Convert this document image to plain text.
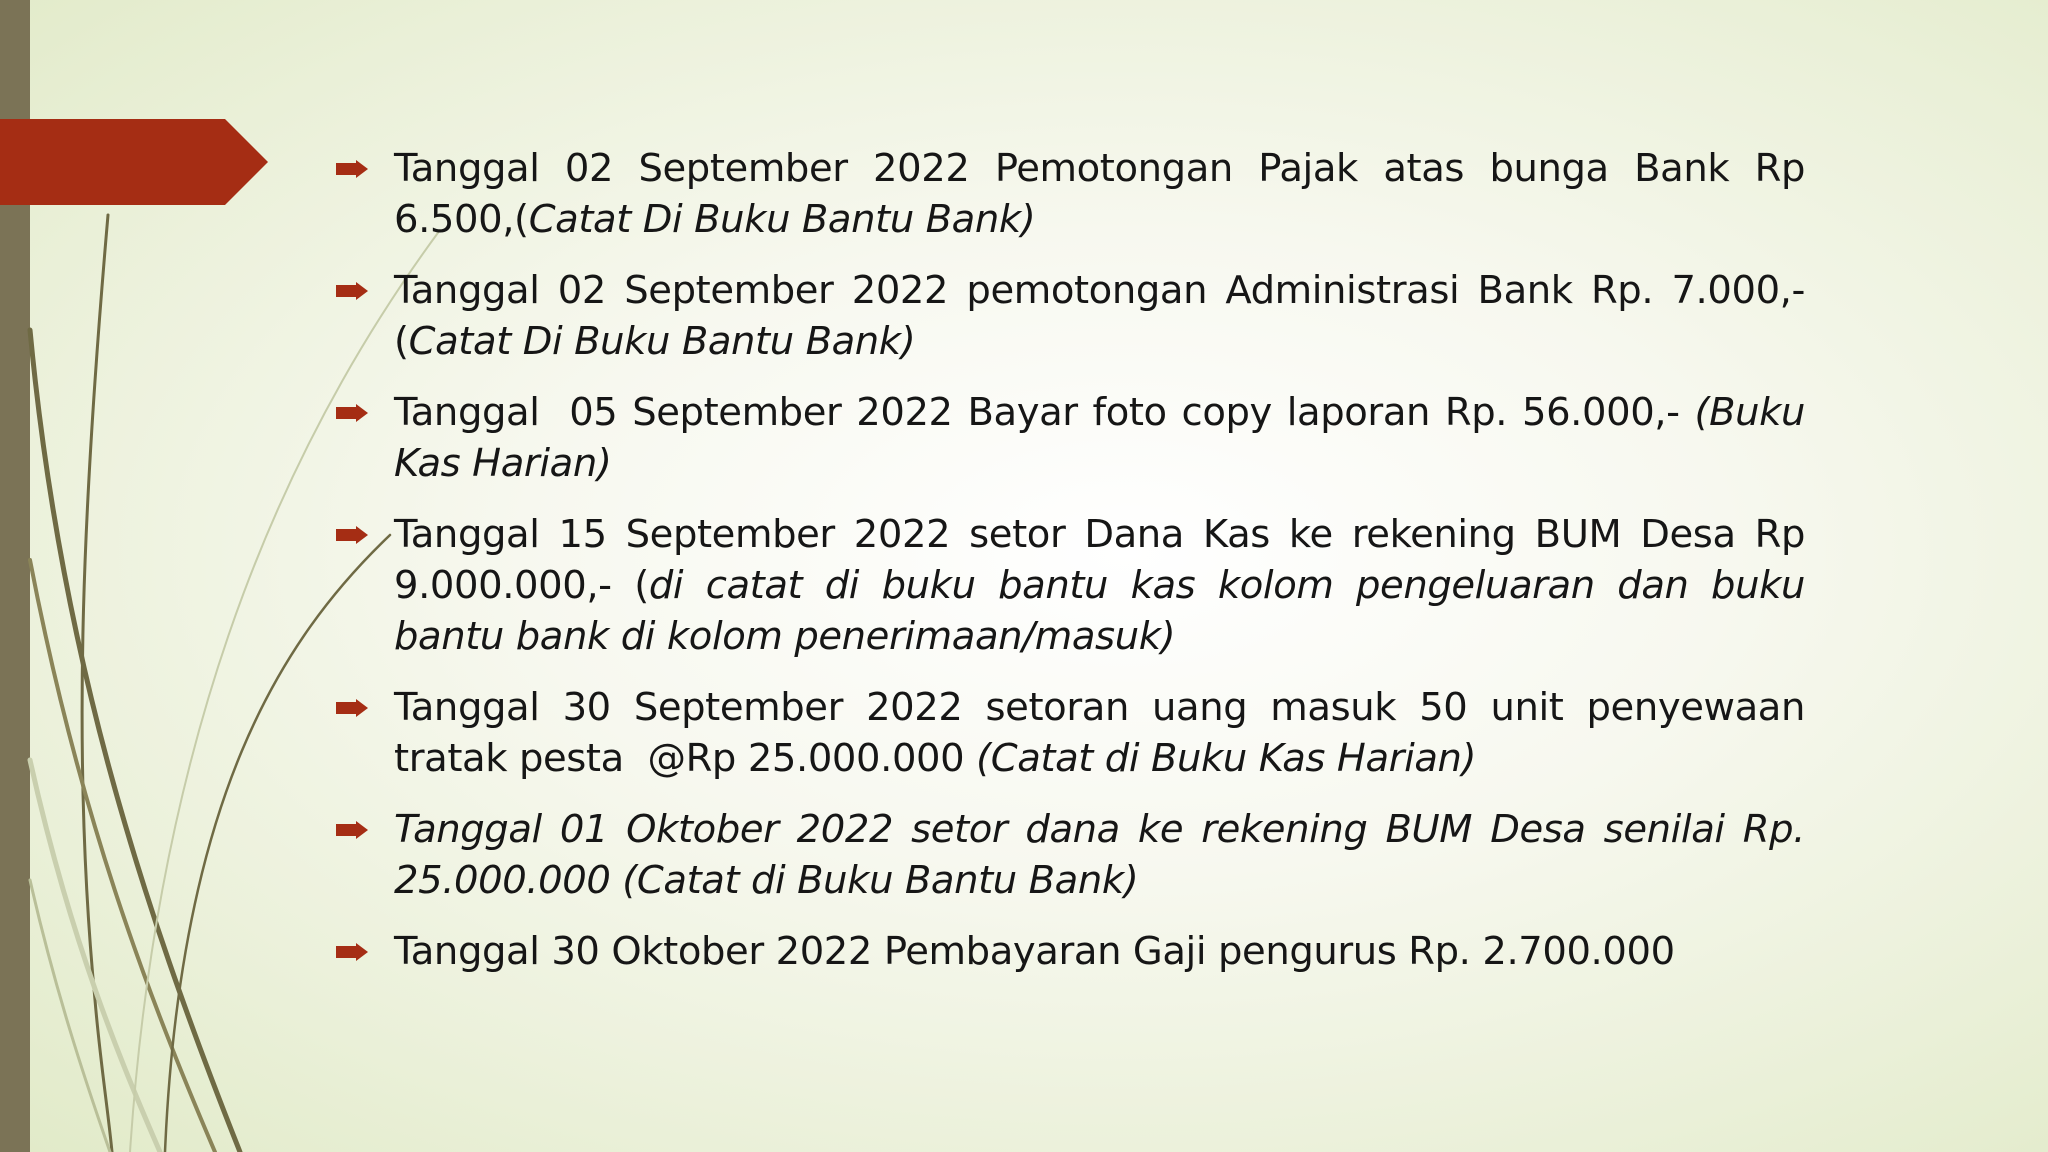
Tanggal 02 September 2022 Pemotongan Pajak atas bunga Bank Rp 6.500,(Catat Di Buku Bantu Bank)
Tanggal 02 September 2022 pemotongan Administrasi Bank Rp. 7.000,- (Catat Di Buku Bantu Bank)
Tanggal  05 September 2022 Bayar foto copy laporan Rp. 56.000,- (Buku Kas Harian)
Tanggal 15 September 2022 setor Dana Kas ke rekening BUM Desa Rp 9.000.000,- (di catat di buku bantu kas kolom pengeluaran dan buku bantu bank di kolom penerimaan/masuk)
Tanggal 30 September 2022 setoran uang masuk 50 unit penyewaan tratak pesta  @Rp 25.000.000 (Catat di Buku Kas Harian)
Tanggal 01 Oktober 2022 setor dana ke rekening BUM Desa senilai Rp. 25.000.000 (Catat di Buku Bantu Bank)
Tanggal 30 Oktober 2022 Pembayaran Gaji pengurus Rp. 2.700.000
